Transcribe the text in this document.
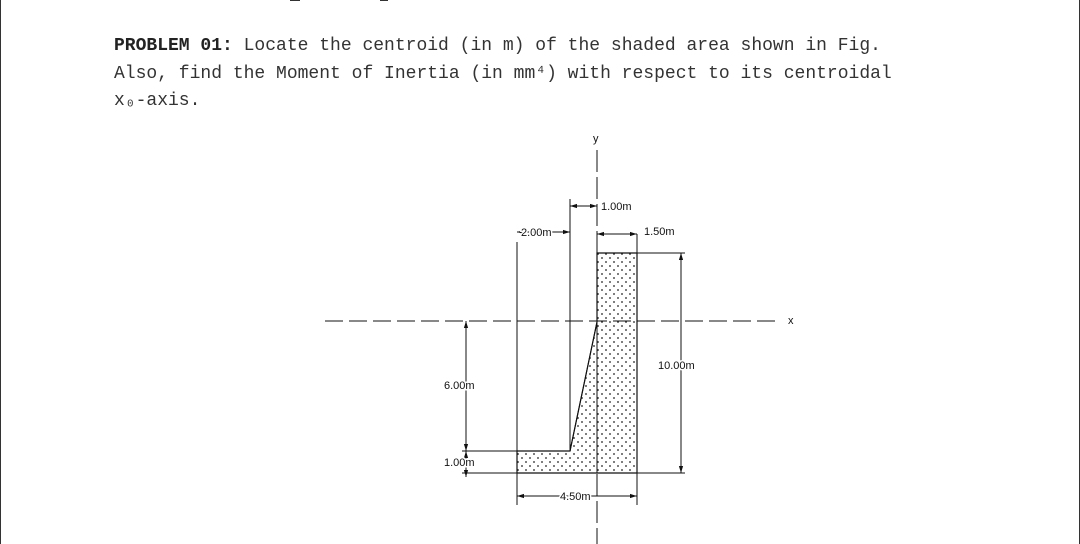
PROBLEM 01: Locate the centroid (in m) of the shaded area shown in Fig.
Also, find the Moment of Inertia (in mm⁴) with respect to its centroidal
x₀-axis.
y
x
1.00m
2.00m	1.50m
10.00m
6.00m
1.00m
4.50m
